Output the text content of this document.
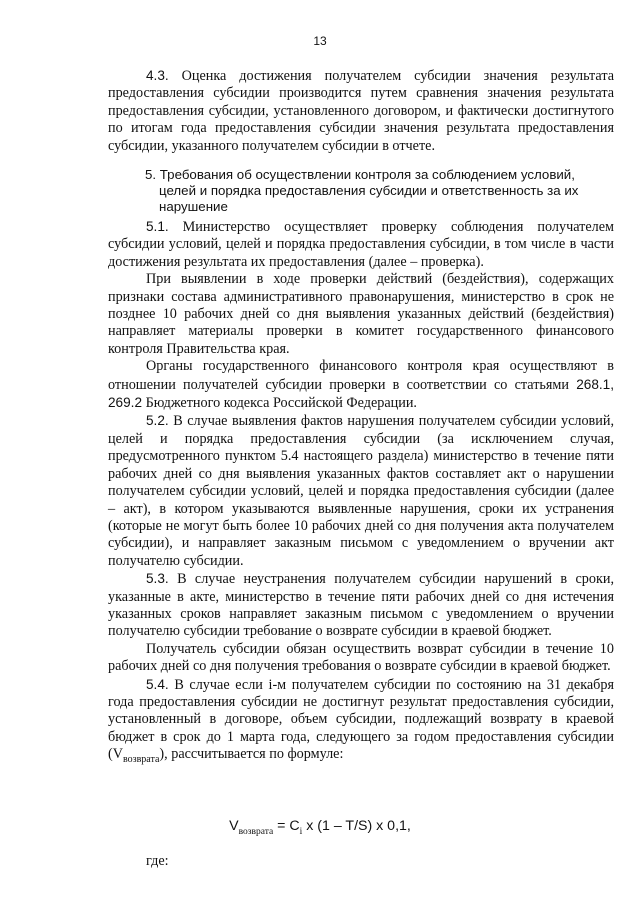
13

4.3. Оценка достижения получателем субсидии значения результата предоставления субсидии производится путем сравнения значения результата предоставления субсидии, установленного договором, и фактически достигнутого по итогам года предоставления субсидии значения результата предоставления субсидии, указанного получателем субсидии в отчете.

5. Требования об осуществлении контроля за соблюдением условий,
целей и порядка предоставления субсидии и ответственность за их
нарушение

5.1. Министерство осуществляет проверку соблюдения получателем субсидии условий, целей и порядка предоставления субсидии, в том числе в части достижения результата их предоставления (далее – проверка).

При выявлении в ходе проверки действий (бездействия), содержащих признаки состава административного правонарушения, министерство в срок не позднее 10 рабочих дней со дня выявления указанных действий (бездействия) направляет материалы проверки в комитет государственного финансового контроля Правительства края.

Органы государственного финансового контроля края осуществляют в отношении получателей субсидии проверки в соответствии со статьями 268.1, 269.2 Бюджетного кодекса Российской Федерации.

5.2. В случае выявления фактов нарушения получателем субсидии условий, целей и порядка предоставления субсидии (за исключением случая, предусмотренного пунктом 5.4 настоящего раздела) министерство в течение пяти рабочих дней со дня выявления указанных фактов составляет акт о нарушении получателем субсидии условий, целей и порядка предоставления субсидии (далее – акт), в котором указываются выявленные нарушения, сроки их устранения (которые не могут быть более 10 рабочих дней со дня получения акта получателем субсидии), и направляет заказным письмом с уведомлением о вручении акт получателю субсидии.

5.3. В случае неустранения получателем субсидии нарушений в сроки, указанные в акте, министерство в течение пяти рабочих дней со дня истечения указанных сроков направляет заказным письмом с уведомлением о вручении получателю субсидии требование о возврате субсидии в краевой бюджет.

Получатель субсидии обязан осуществить возврат субсидии в течение 10 рабочих дней со дня получения требования о возврате субсидии в краевой бюджет.

5.4. В случае если i-м получателем субсидии по состоянию на 31 декабря года предоставления субсидии не достигнут результат предоставления субсидии, установленный в договоре, объем субсидии, подлежащий возврату в краевой бюджет в срок до 1 марта года, следующего за годом предоставления субсидии $(V_{возврата})$, рассчитывается по формуле:

$V_{возврата} = C_i$ x (1 – T/S) x 0,1,
где:
